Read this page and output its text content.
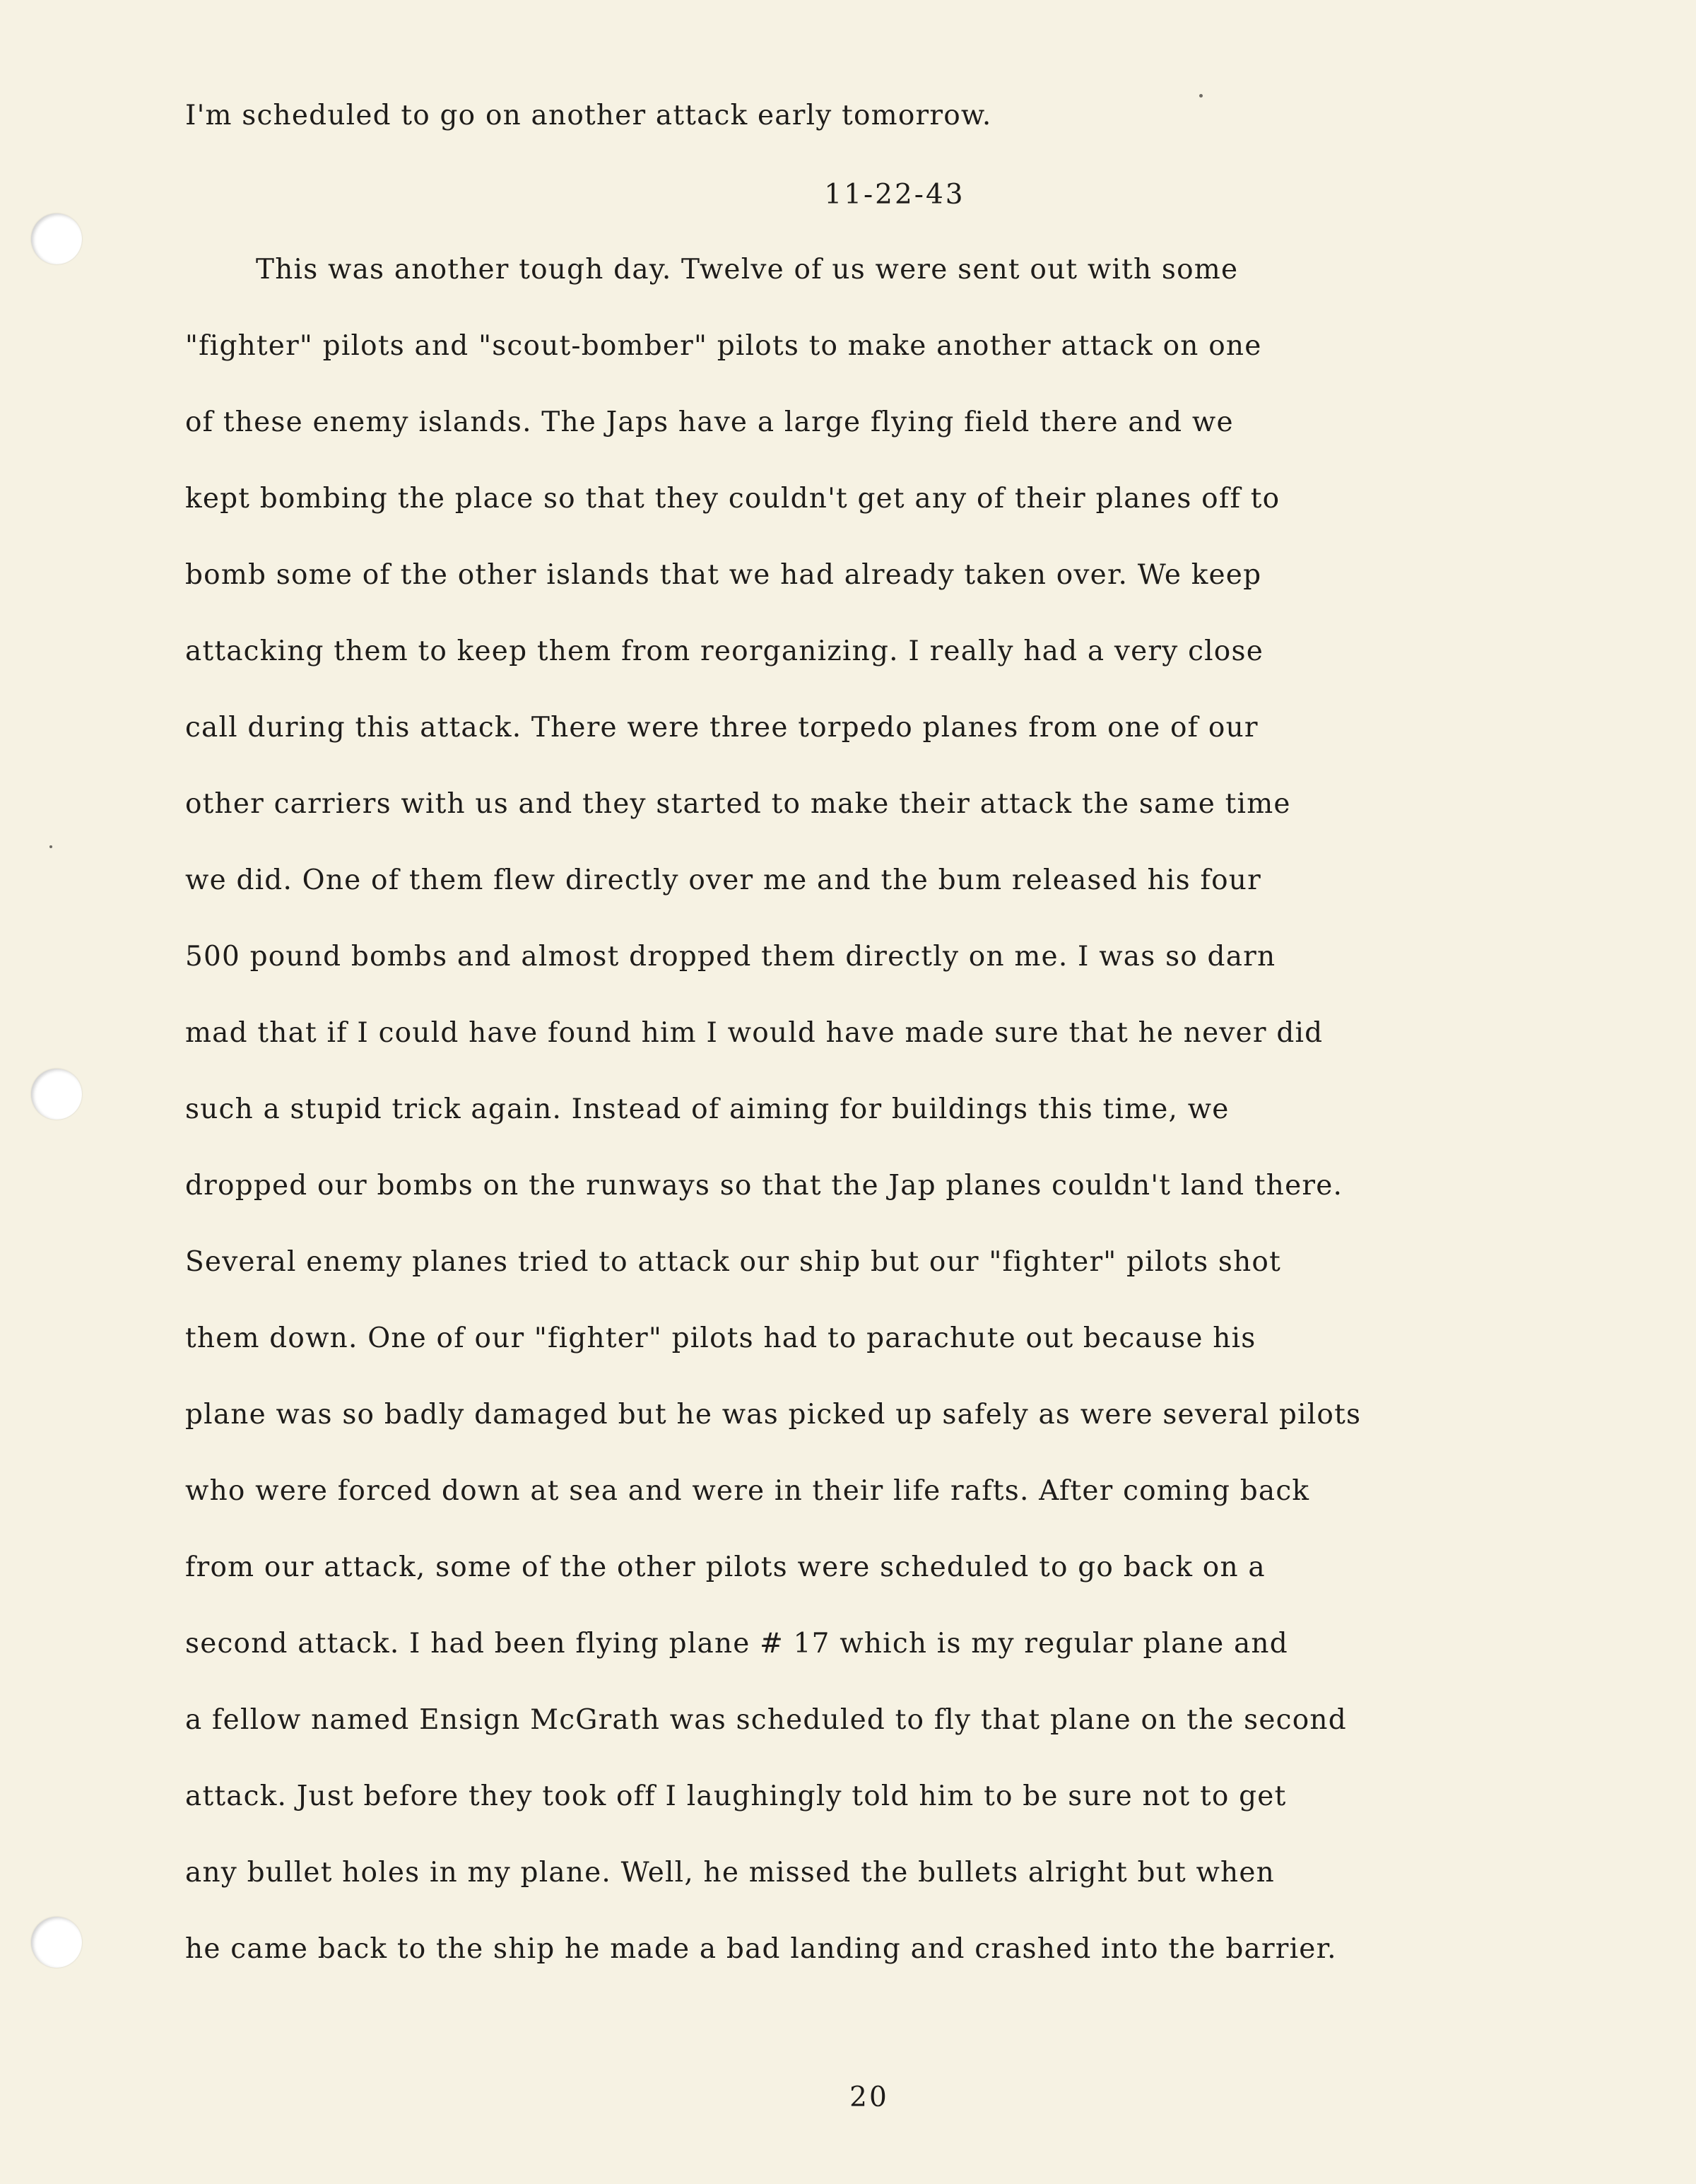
I'm scheduled to go on another attack early tomorrow.
11-22-43
This was another tough day. Twelve of us were sent out with some
"fighter" pilots and "scout-bomber" pilots to make another attack on one
of these enemy islands. The Japs have a large flying field there and we
kept bombing the place so that they couldn't get any of their planes off to
bomb some of the other islands that we had already taken over. We keep
attacking them to keep them from reorganizing. I really had a very close
call during this attack. There were three torpedo planes from one of our
other carriers with us and they started to make their attack the same time
we did. One of them flew directly over me and the bum released his four
500 pound bombs and almost dropped them directly on me. I was so darn
mad that if I could have found him I would have made sure that he never did
such a stupid trick again. Instead of aiming for buildings this time, we
dropped our bombs on the runways so that the Jap planes couldn't land there.
Several enemy planes tried to attack our ship but our "fighter" pilots shot
them down. One of our "fighter" pilots had to parachute out because his
plane was so badly damaged but he was picked up safely as were several pilots
who were forced down at sea and were in their life rafts. After coming back
from our attack, some of the other pilots were scheduled to go back on a
second attack. I had been flying plane # 17 which is my regular plane and
a fellow named Ensign McGrath was scheduled to fly that plane on the second
attack. Just before they took off I laughingly told him to be sure not to get
any bullet holes in my plane. Well, he missed the bullets alright but when
he came back to the ship he made a bad landing and crashed into the barrier.
20
